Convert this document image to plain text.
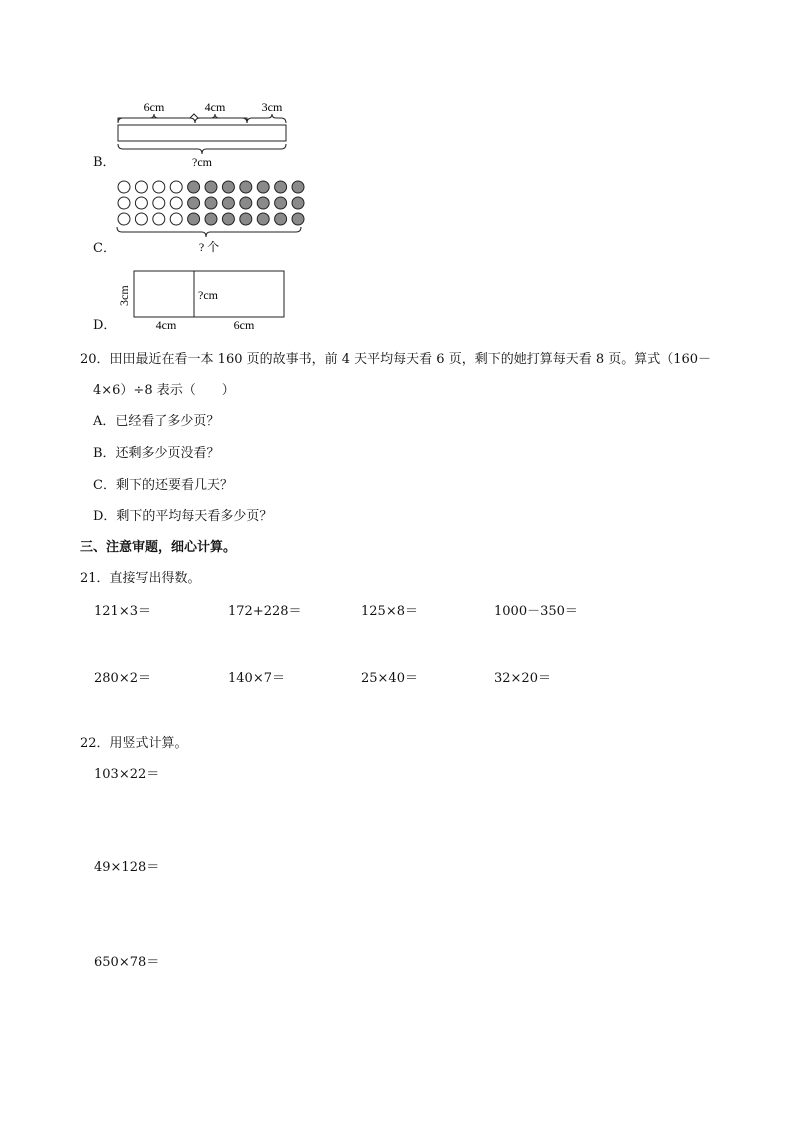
6cm	4cm	3cm
?cm
B．
? 个
C．
3cm	?cm
4cm	6cm
D．
20．田田最近在看一本 160 页的故事书，前 4 天平均每天看 6 页，剩下的她打算每天看 8 页。算式（160－
4×6）÷8 表示（　　）
A．已经看了多少页？
B．还剩多少页没看？
C．剩下的还要看几天？
D．剩下的平均每天看多少页？
三、注意审题，细心计算。
21．直接写出得数。
121×3＝	172+228＝	125×8＝	1000－350＝
280×2＝	140×7＝	25×40＝	32×20＝
22．用竖式计算。
103×22＝
49×128＝
650×78＝
